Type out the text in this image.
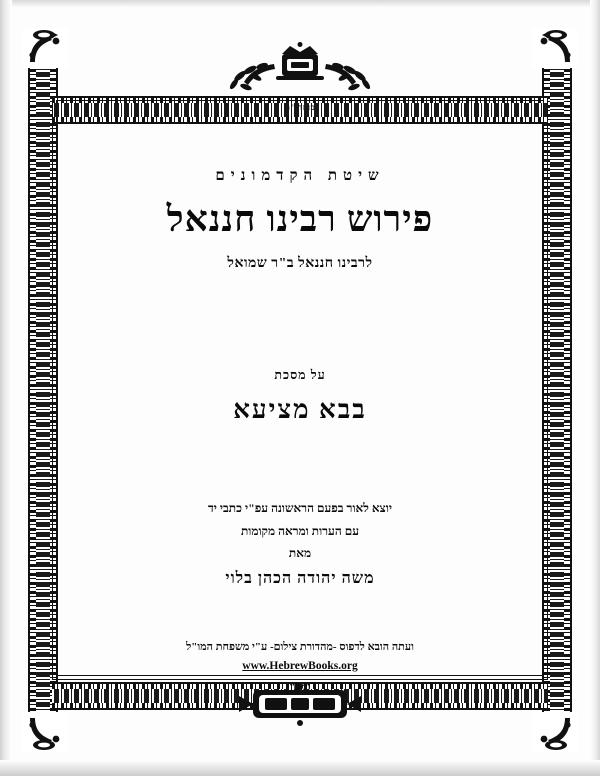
בעזהי"ת
שיטת הקדמונים
פירוש רבינו חננאל
לרבינו חננאל ב"ר שמואל
על מסכת
בבא מציעא
יוצא לאור בפעם הראשונה עפ"י כתבי יד
עם הערות ומראה מקומות
מאת
משה יהודה הכהן בלוי
ועתה הובא לדפוס -מהדורת צילום- ע"י משפחת המו"ל
www.HebrewBooks.org
ומכון
